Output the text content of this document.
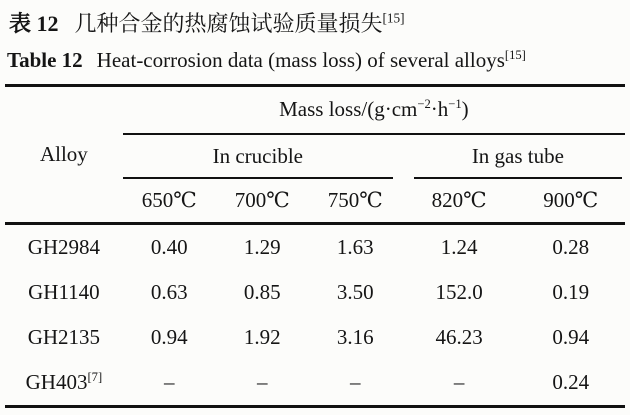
表 12 几种合金的热腐蚀试验质量损失[15]
Table 12 Heat-corrosion data (mass loss) of several alloys[15]
Alloy	Mass loss/$(g\cdot cm^{-2}\cdot h^{-1})$				

	In crucible			In gas tube	

	650℃	700℃	750℃	820℃	900℃
GH2984	0.40	1.29	1.63	1.24	0.28
GH1140	0.63	0.85	3.50	152.0	0.19
GH2135	0.94	1.92	3.16	46.23	0.94
GH403[7]	–	–	–	–	0.24
